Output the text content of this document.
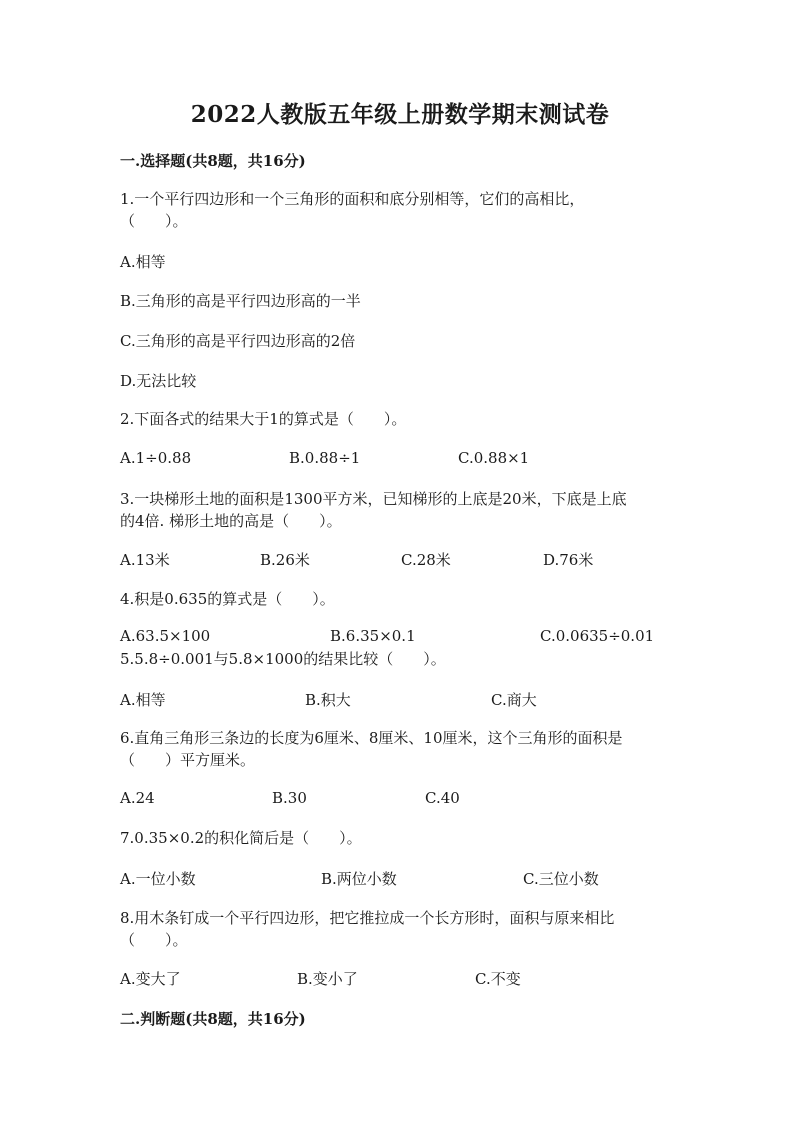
2022人教版五年级上册数学期末测试卷
一.选择题(共8题，共16分)
1.一个平行四边形和一个三角形的面积和底分别相等，它们的高相比，
（　　）。
A.相等
B.三角形的高是平行四边形高的一半
C.三角形的高是平行四边形高的2倍
D.无法比较
2.下面各式的结果大于1的算式是（　　）。
A.1÷0.88	B.0.88÷1	C.0.88×1
3.一块梯形土地的面积是1300平方米，已知梯形的上底是20米，下底是上底
的4倍. 梯形土地的高是（　　）。
A.13米	B.26米	C.28米	D.76米
4.积是0.635的算式是（　　）。
A.63.5×100	B.6.35×0.1	C.0.0635÷0.01
5.5.8÷0.001与5.8×1000的结果比较（　　）。
A.相等	B.积大	C.商大
6.直角三角形三条边的长度为6厘米、8厘米、10厘米，这个三角形的面积是
（　　）平方厘米。
A.24	B.30	C.40
7.0.35×0.2的积化简后是（　　）。
A.一位小数	B.两位小数	C.三位小数
8.用木条钉成一个平行四边形，把它推拉成一个长方形时，面积与原来相比
（　　）。
A.变大了	B.变小了	C.不变
二.判断题(共8题，共16分)
